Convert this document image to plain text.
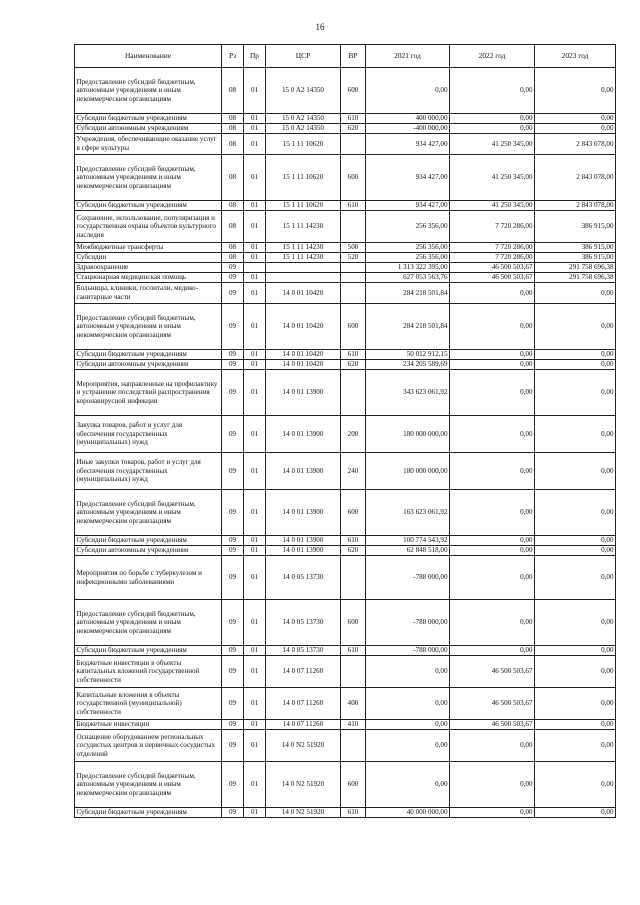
16
Наименование	Рз	Пр	ЦСР	ВР	2021 год	2022 год	2023 год
Предоставление субсидий бюджетным, автономным учреждениям и иным некоммерческим организациям	08	01	15 0 A2 14350	600	0,00	0,00	0,00
Субсидии бюджетным учреждениям	08	01	15 0 A2 14350	610	400 000,00	0,00	0,00
Субсидии автономным учреждениям	08	01	15 0 A2 14350	620	-400 000,00	0,00	0,00
Учреждения, обеспечивающие оказание услуг в сфере культуры	08	01	15 1 11 10620		934 427,00	41 250 345,00	2 843 078,00
Предоставление субсидий бюджетным, автономным учреждениям и иным некоммерческим организациям	08	01	15 1 11 10620	600	934 427,00	41 250 345,00	2 843 078,00
Субсидии бюджетным учреждениям	08	01	15 1 11 10620	610	934 427,00	41 250 345,00	2 843 078,00
Сохранение, использование, популяризация и государственная охрана объектов культурного наследия	08	01	15 1 11 14230		256 356,00	7 720 286,00	386 915,00
Межбюджетные трансферты	08	01	15 1 11 14230	500	256 356,00	7 720 286,00	386 915,00
Субсидии	08	01	15 1 11 14230	520	256 356,00	7 720 286,00	386 915,00
Здравоохранение	09				1 313 322 395,00	46 500 503,67	291 758 696,38
Стационарная медицинская помощь	09	01			627 053 563,76	46 500 503,67	291 758 696,38
Больницы, клиники, госпитали, медико-санитарные части	09	01	14 0 01 10420		284 218 501,84	0,00	0,00
Предоставление субсидий бюджетным, автономным учреждениям и иным некоммерческим организациям	09	01	14 0 01 10420	600	284 218 501,84	0,00	0,00
Субсидии бюджетным учреждениям	09	01	14 0 01 10420	610	50 012 912,15	0,00	0,00
Субсидии автономным учреждениям	09	01	14 0 01 10420	620	234 205 589,69	0,00	0,00
Мероприятия, направленные на профилактику и устранение последствий распространения коронавирусной инфекции	09	01	14 0 01 13900		343 623 061,92	0,00	0,00
Закупка товаров, работ и услуг для обеспечения государственных (муниципальных) нужд	09	01	14 0 01 13900	200	180 000 000,00	0,00	0,00
Иные закупки товаров, работ и услуг для обеспечения государственных (муниципальных) нужд	09	01	14 0 01 13900	240	180 000 000,00	0,00	0,00
Предоставление субсидий бюджетным, автономным учреждениям и иным некоммерческим организациям	09	01	14 0 01 13900	600	163 623 061,92	0,00	0,00
Субсидии бюджетным учреждениям	09	01	14 0 01 13900	610	100 774 543,92	0,00	0,00
Субсидии автономным учреждениям	09	01	14 0 01 13900	620	62 848 518,00	0,00	0,00
Мероприятия по борьбе с туберкулезом и инфекционными заболеваниями	09	01	14 0 05 13730		-788 000,00	0,00	0,00
Предоставление субсидий бюджетным, автономным учреждениям и иным некоммерческим организациям	09	01	14 0 05 13730	600	-788 000,00	0,00	0,00
Субсидии бюджетным учреждениям	09	01	14 0 05 13730	610	-788 000,00	0,00	0,00
Бюджетные инвестиции в объекты капитальных вложений государственной собственности	09	01	14 0 07 11260		0,00	46 500 503,67	0,00
Капитальные вложения в объекты государственной (муниципальной) собственности	09	01	14 0 07 11260	400	0,00	46 500 503,67	0,00
Бюджетные инвестиции	09	01	14 0 07 11260	410	0,00	46 500 503,67	0,00
Оснащение оборудованием региональных сосудистых центров и первичных сосудистых отделений	09	01	14 0 N2 51920		0,00	0,00	0,00
Предоставление субсидий бюджетным, автономным учреждениям и иным некоммерческим организациям	09	01	14 0 N2 51920	600	0,00	0,00	0,00
Субсидии бюджетным учреждениям	09	01	14 0 N2 51920	610	40 000 000,00	0,00	0,00
